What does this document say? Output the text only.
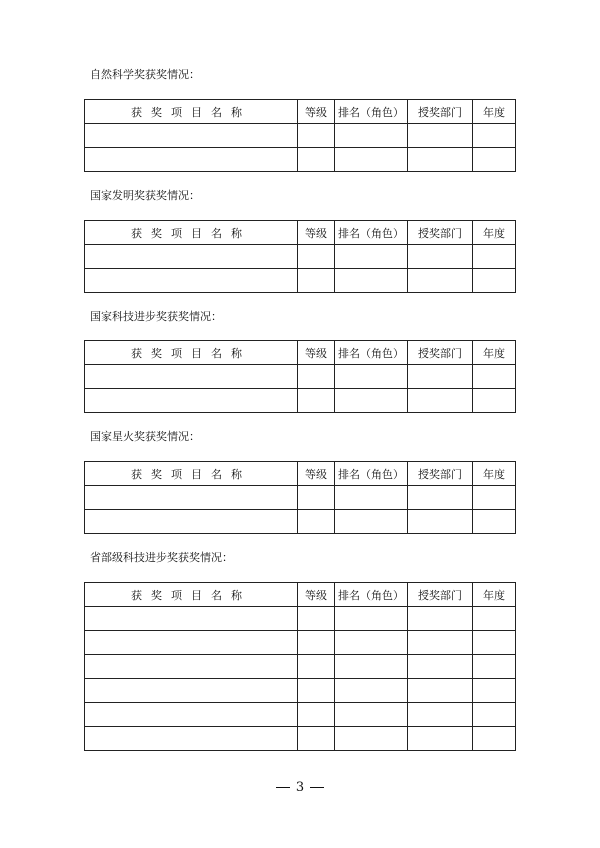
自然科学奖获奖情况：
获奖项目名称	等级	排名（角色）	授奖部门	年度

国家发明奖获奖情况：
获奖项目名称	等级	排名（角色）	授奖部门	年度

国家科技进步奖获奖情况：
获奖项目名称	等级	排名（角色）	授奖部门	年度

国家星火奖获奖情况：
获奖项目名称	等级	排名（角色）	授奖部门	年度

省部级科技进步奖获奖情况：
获奖项目名称	等级	排名（角色）	授奖部门	年度

3
